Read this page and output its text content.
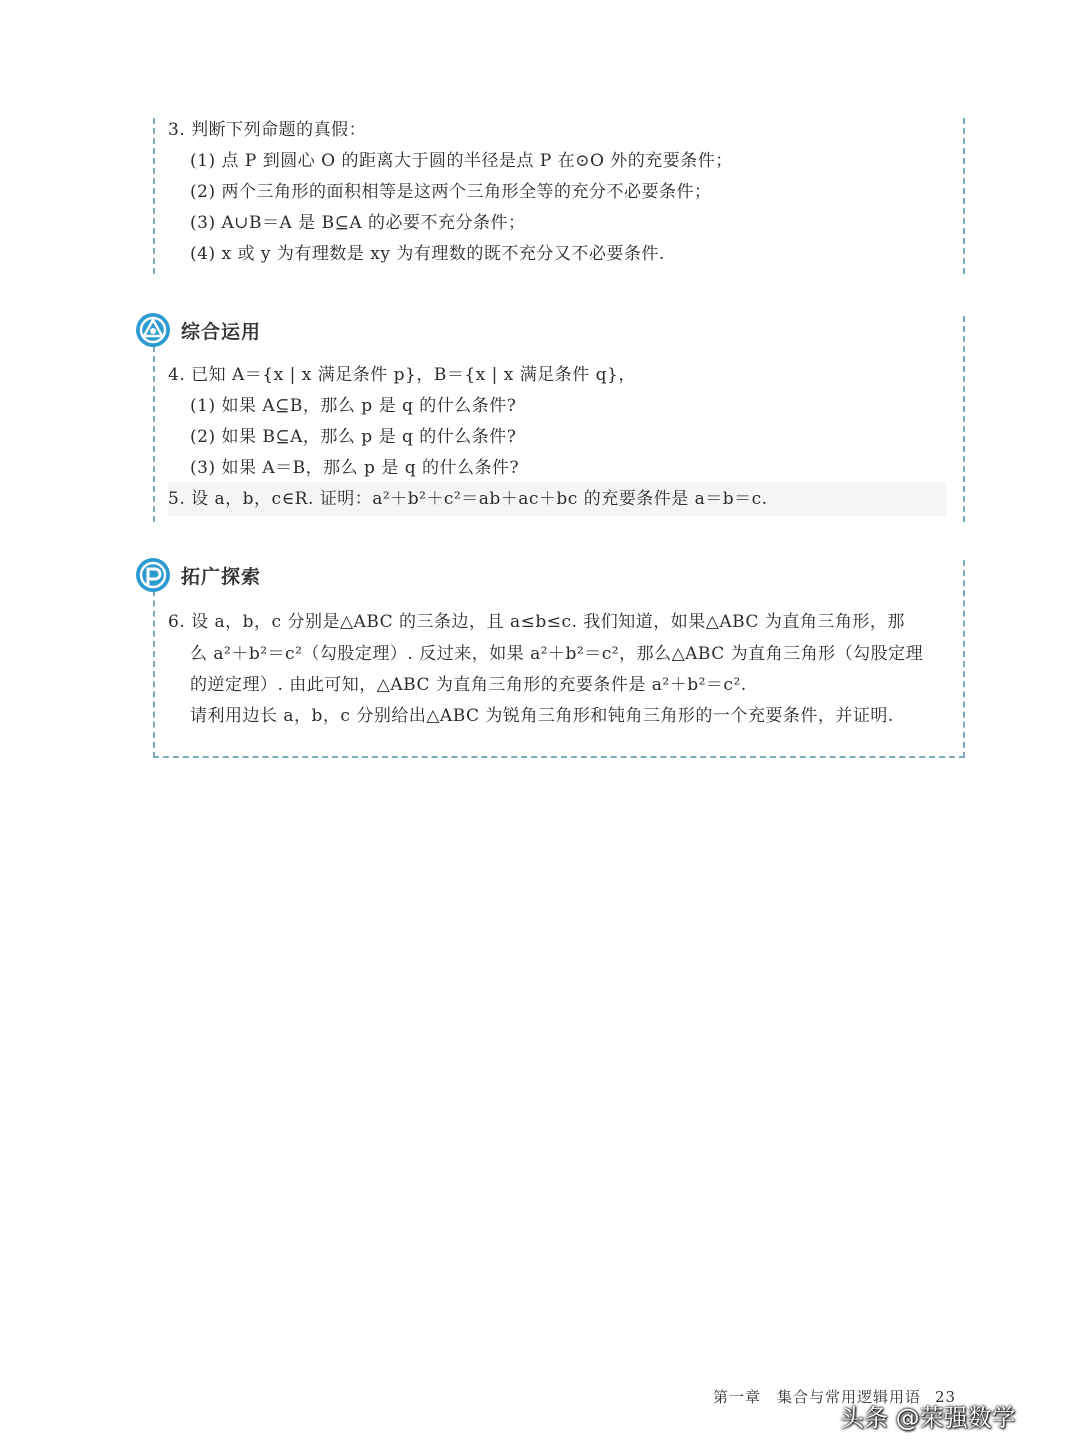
3. 判断下列命题的真假：
(1) 点 P 到圆心 O 的距离大于圆的半径是点 P 在⊙O 外的充要条件；
(2) 两个三角形的面积相等是这两个三角形全等的充分不必要条件；
(3) A∪B＝A 是 B⊆A 的必要不充分条件；
(4) x 或 y 为有理数是 xy 为有理数的既不充分又不必要条件.
综合运用
4. 已知 A＝{x | x 满足条件 p}，B＝{x | x 满足条件 q}，
(1) 如果 A⊆B，那么 p 是 q 的什么条件?
(2) 如果 B⊆A，那么 p 是 q 的什么条件?
(3) 如果 A＝B，那么 p 是 q 的什么条件?
5. 设 a，b，c∈R. 证明：a²＋b²＋c²＝ab＋ac＋bc 的充要条件是 a＝b＝c.
拓广探索
6. 设 a，b，c 分别是△ABC 的三条边，且 a≤b≤c. 我们知道，如果△ABC 为直角三角形，那
么 a²＋b²＝c²（勾股定理）. 反过来，如果 a²＋b²＝c²，那么△ABC 为直角三角形（勾股定理
的逆定理）. 由此可知，△ABC 为直角三角形的充要条件是 a²＋b²＝c².
请利用边长 a，b，c 分别给出△ABC 为锐角三角形和钝角三角形的一个充要条件，并证明.
第一章　集合与常用逻辑用语 23
头条 @荣强数学
